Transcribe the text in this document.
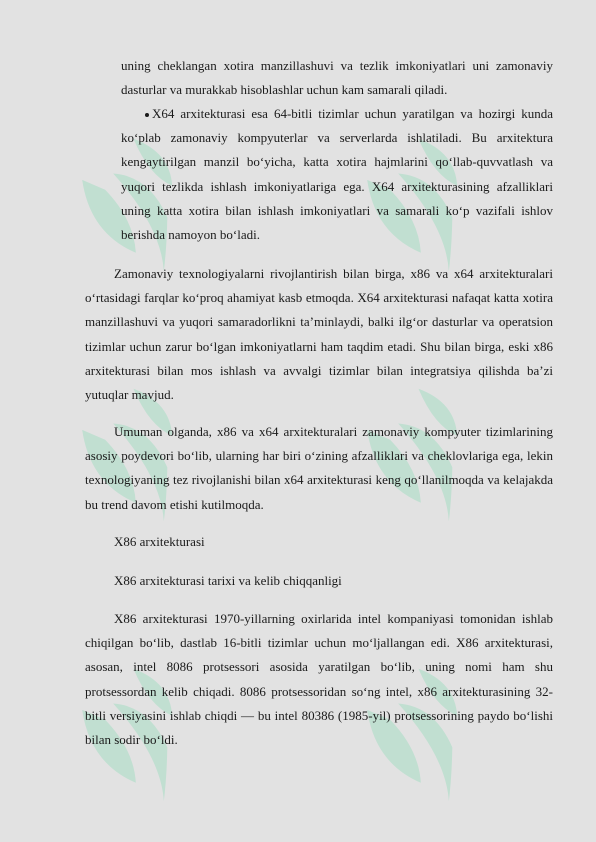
uning cheklangan xotira manzillashuvi va tezlik imkoniyatlari uni zamonaviy dasturlar va murakkab hisoblashlar uchun kam samarali qiladi.

X64 arxitekturasi esa 64-bitli tizimlar uchun yaratilgan va hozirgi kunda ko‘plab zamonaviy kompyuterlar va serverlarda ishlatiladi. Bu arxitektura kengaytirilgan manzil bo‘yicha, katta xotira hajmlarini qo‘llab-quvvatlash va yuqori tezlikda ishlash imkoniyatlariga ega. X64 arxitekturasining afzalliklari uning katta xotira bilan ishlash imkoniyatlari va samarali ko‘p vazifali ishlov berishda namoyon bo‘ladi.

Zamonaviy texnologiyalarni rivojlantirish bilan birga, x86 va x64 arxitekturalari o‘rtasidagi farqlar ko‘proq ahamiyat kasb etmoqda. X64 arxitekturasi nafaqat katta xotira manzillashuvi va yuqori samaradorlikni ta’minlaydi, balki ilg‘or dasturlar va operatsion tizimlar uchun zarur bo‘lgan imkoniyatlarni ham taqdim etadi. Shu bilan birga, eski x86 arxitekturasi bilan mos ishlash va avvalgi tizimlar bilan integratsiya qilishda ba’zi yutuqlar mavjud.

Umuman olganda, x86 va x64 arxitekturalari zamonaviy kompyuter tizimlarining asosiy poydevori bo‘lib, ularning har biri o‘zining afzalliklari va cheklovlariga ega, lekin texnologiyaning tez rivojlanishi bilan x64 arxitekturasi keng qo‘llanilmoqda va kelajakda bu trend davom etishi kutilmoqda.

X86 arxitekturasi

X86 arxitekturasi tarixi va kelib chiqqanligi

X86 arxitekturasi 1970-yillarning oxirlarida intel kompaniyasi tomonidan ishlab chiqilgan bo‘lib, dastlab 16-bitli tizimlar uchun mo‘ljallangan edi. X86 arxitekturasi, asosan, intel 8086 protsessori asosida yaratilgan bo‘lib, uning nomi ham shu protsessordan kelib chiqadi. 8086 protsessoridan so‘ng intel, x86 arxitekturasining 32-bitli versiyasini ishlab chiqdi — bu intel 80386 (1985-yil) protsessorining paydo bo‘lishi bilan sodir bo‘ldi.
